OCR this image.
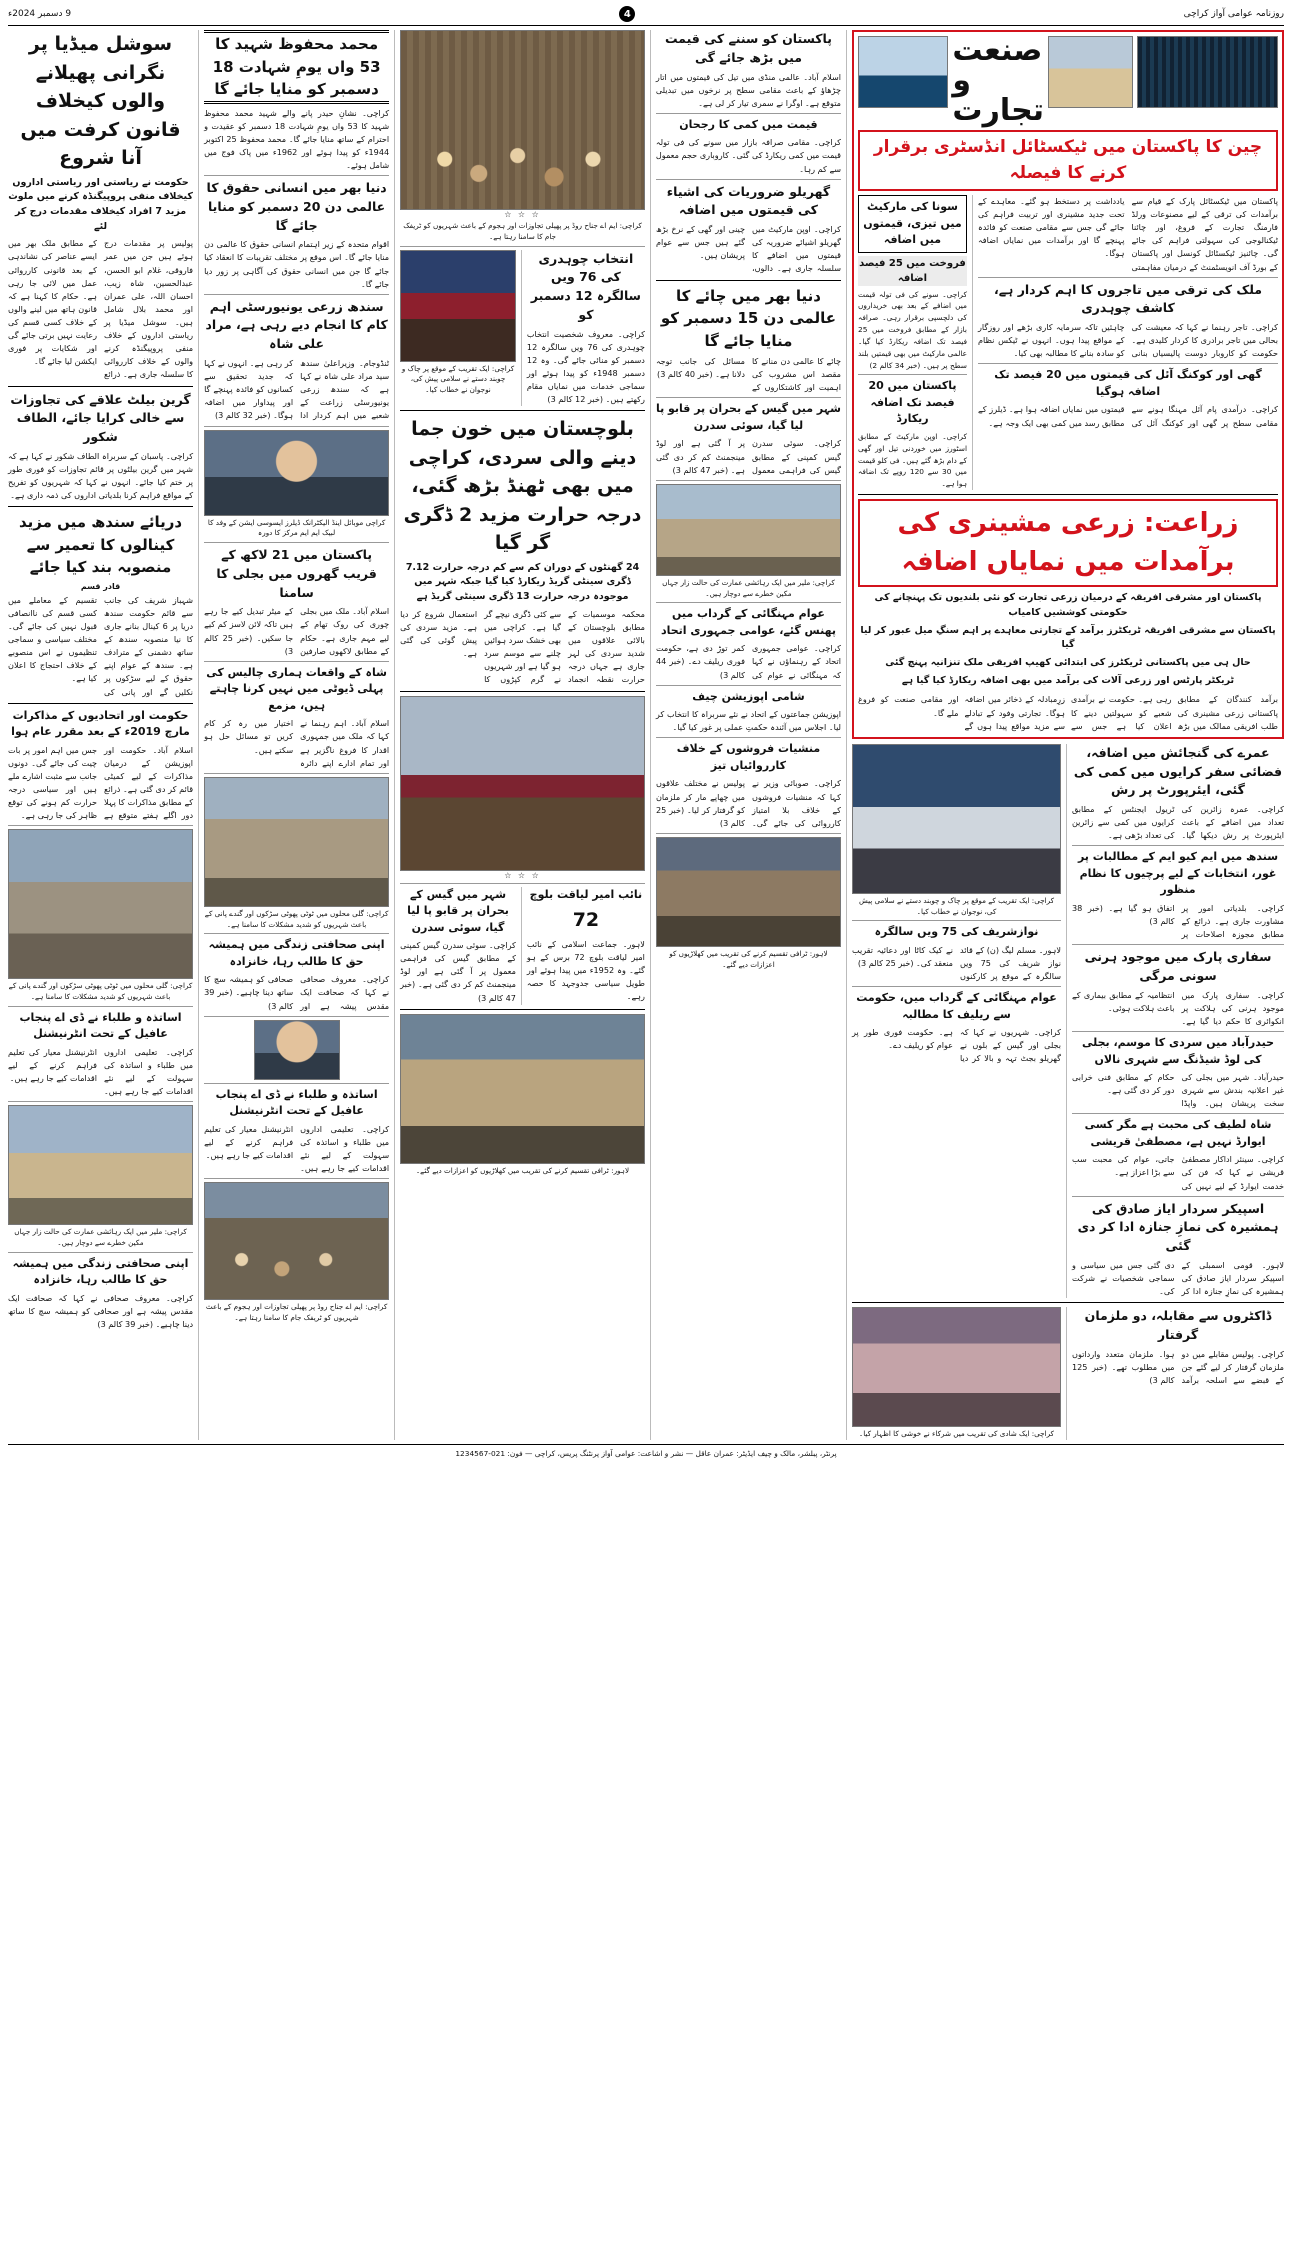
روزنامہ عوامی آواز کراچی
4
9 دسمبر 2024ء
صنعت و تجارت
چین کا پاکستان میں ٹیکسٹائل انڈسٹری برقرار کرنے کا فیصلہ
پاکستان میں ٹیکسٹائل پارک کے قیام سے برآمدات کی ترقی کے لیے مصنوعات ورلڈ فارمنگ تجارت کے فروغ، اور چائنا ٹیکنالوجی کی سہولتی فراہم کی جائے گی۔ چائنیز ٹیکسٹائل کونسل اور پاکستان کے بورڈ آف انویسٹمنٹ کے درمیان مفاہمتی یادداشت پر دستخط ہو گئے۔ معاہدے کے تحت جدید مشینری اور تربیت فراہم کی جائے گی جس سے مقامی صنعت کو فائدہ پہنچے گا اور برآمدات میں نمایاں اضافہ ہوگا۔
ملک کی ترقی میں تاجروں کا اہم کردار ہے، کاشف چوہدری
کراچی۔ تاجر رہنما نے کہا کہ معیشت کی بحالی میں تاجر برادری کا کردار کلیدی ہے۔ حکومت کو کاروبار دوست پالیسیاں بنانی چاہئیں تاکہ سرمایہ کاری بڑھے اور روزگار کے مواقع پیدا ہوں۔ انہوں نے ٹیکس نظام کو سادہ بنانے کا مطالبہ بھی کیا۔
گھی اور کوکنگ آئل کی قیمتوں میں 20 فیصد تک اضافہ ہوگیا
کراچی۔ درآمدی پام آئل مہنگا ہونے سے مقامی سطح پر گھی اور کوکنگ آئل کی قیمتوں میں نمایاں اضافہ ہوا ہے۔ ڈیلرز کے مطابق رسد میں کمی بھی ایک وجہ ہے۔
سونا کی مارکیٹ میں تیزی، قیمتوں میں اضافہ
فروخت میں 25 فیصد اضافہ
کراچی۔ سونے کی فی تولہ قیمت میں اضافے کے بعد بھی خریداروں کی دلچسپی برقرار رہی۔ صرافہ بازار کے مطابق فروخت میں 25 فیصد تک اضافہ ریکارڈ کیا گیا۔ عالمی مارکیٹ میں بھی قیمتیں بلند سطح پر ہیں۔ (خبر 34 کالم 2)
پاکستان میں 20 فیصد تک اضافہ ریکارڈ
کراچی۔ اوپن مارکیٹ کے مطابق اسٹورز میں خوردنی تیل اور گھی کے دام بڑھ گئے ہیں۔ فی کلو قیمت میں 30 سے 120 روپے تک اضافہ ہوا ہے۔
زراعت: زرعی مشینری کی برآمدات میں نمایاں اضافہ
پاکستان اور مشرقی افریقہ کے درمیان زرعی تجارت کو نئی بلندیوں تک پہنچانے کی حکومتی کوششیں کامیاب
پاکستان سے مشرقی افریقہ ٹریکٹرز برآمد کے تجارتی معاہدے پر اہم سنگِ میل عبور کر لیا گیا
حال ہی میں پاکستانی ٹریکٹرز کی ابتدائی کھیپ افریقی ملک تنزانیہ پہنچ گئی
ٹریکٹر پارٹس اور زرعی آلات کی برآمد میں بھی اضافہ ریکارڈ کیا گیا ہے
برآمد کنندگان کے مطابق پاکستانی زرعی مشینری کی طلب افریقی ممالک میں بڑھ رہی ہے۔ حکومت نے برآمدی شعبے کو سہولتیں دینے کا اعلان کیا ہے جس سے زرِمبادلہ کے ذخائر میں اضافہ ہوگا۔ تجارتی وفود کے تبادلے سے مزید مواقع پیدا ہوں گے اور مقامی صنعت کو فروغ ملے گا۔
عمرے کی گنجائش میں اضافہ، فضائی سفر کرایوں میں کمی کی گئی، ایئرپورٹ پر رش
کراچی۔ عمرہ زائرین کی تعداد میں اضافے کے باعث ایئرپورٹ پر رش دیکھا گیا۔ ٹریول ایجنٹس کے مطابق کرایوں میں کمی سے زائرین کی تعداد بڑھی ہے۔
سندھ میں ایم کیو ایم کے مطالبات پر غور، انتخابات کے لیے پرچیوں کا نظام منظور
کراچی۔ بلدیاتی امور پر مشاورت جاری ہے۔ ذرائع کے مطابق مجوزہ اصلاحات پر اتفاق ہو گیا ہے۔ (خبر 38 کالم 3)
سفاری پارک میں موجود ہرنی سونی مرگی
کراچی۔ سفاری پارک میں موجود ہرنی کی ہلاکت پر انکوائری کا حکم دیا گیا ہے۔ انتظامیہ کے مطابق بیماری کے باعث ہلاکت ہوئی۔
حیدرآباد میں سردی کا موسم، بجلی کی لوڈ شیڈنگ سے شہری نالاں
حیدرآباد۔ شہر میں بجلی کی غیر اعلانیہ بندش سے شہری سخت پریشان ہیں۔ واپڈا حکام کے مطابق فنی خرابی دور کر دی گئی ہے۔
شاہ لطیف کی محبت ہے مگر کسی ایوارڈ نہیں ہے، مصطفیٰ قریشی
کراچی۔ سینئر اداکار مصطفیٰ قریشی نے کہا کہ فن کی خدمت ایوارڈ کے لیے نہیں کی جاتی، عوام کی محبت سب سے بڑا اعزاز ہے۔
اسپیکر سردار ایاز صادق کی ہمشیرہ کی نمازِ جنازہ ادا کر دی گئی
لاہور۔ قومی اسمبلی کے اسپیکر سردار ایاز صادق کی ہمشیرہ کی نمازِ جنازہ ادا کر دی گئی جس میں سیاسی و سماجی شخصیات نے شرکت کی۔
کراچی: ایک تقریب کے موقع پر چاک و چوبند دستے نے سلامی پیش کی، نوجوان نے خطاب کیا۔
نوازشریف کی 75 ویں سالگرہ
لاہور۔ مسلم لیگ (ن) کے قائد نواز شریف کی 75 ویں سالگرہ کے موقع پر کارکنوں نے کیک کاٹا اور دعائیہ تقریب منعقد کی۔ (خبر 25 کالم 3)
عوام مہنگائی کے گرداب میں، حکومت سے ریلیف کا مطالبہ
کراچی۔ شہریوں نے کہا کہ بجلی اور گیس کے بلوں نے گھریلو بجٹ تہہ و بالا کر دیا ہے۔ حکومت فوری طور پر عوام کو ریلیف دے۔
ڈاکٹروں سے مقابلہ، دو ملزمان گرفتار
کراچی۔ پولیس مقابلے میں دو ملزمان گرفتار کر لیے گئے جن کے قبضے سے اسلحہ برآمد ہوا۔ ملزمان متعدد وارداتوں میں مطلوب تھے۔ (خبر 125 کالم 3)
کراچی: ایک شادی کی تقریب میں شرکاء نے خوشی کا اظہار کیا۔
پاکستان کو سننے کی قیمت میں بڑھ جائے گی
اسلام آباد۔ عالمی منڈی میں تیل کی قیمتوں میں اتار چڑھاؤ کے باعث مقامی سطح پر نرخوں میں تبدیلی متوقع ہے۔ اوگرا نے سمری تیار کر لی ہے۔
قیمت میں کمی کا رجحان
کراچی۔ مقامی صرافہ بازار میں سونے کی فی تولہ قیمت میں کمی ریکارڈ کی گئی۔ کاروباری حجم معمول سے کم رہا۔
گھریلو ضروریات کی اشیاء کی قیمتوں میں اضافہ
کراچی۔ اوپن مارکیٹ میں گھریلو اشیائے ضروریہ کی قیمتوں میں اضافے کا سلسلہ جاری ہے۔ دالوں، چینی اور گھی کے نرخ بڑھ گئے ہیں جس سے عوام پریشان ہیں۔
دنیا بھر میں چائے کا عالمی دن 15 دسمبر کو منایا جائے گا
چائے کا عالمی دن منانے کا مقصد اس مشروب کی اہمیت اور کاشتکاروں کے مسائل کی جانب توجہ دلانا ہے۔ (خبر 40 کالم 3)
شہر میں گیس کے بحران پر قابو پا لیا گیا، سوئی سدرن
کراچی۔ سوئی سدرن گیس کمپنی کے مطابق گیس کی فراہمی معمول پر آ گئی ہے اور لوڈ مینجمنٹ کم کر دی گئی ہے۔ (خبر 47 کالم 3)
کراچی: ملیر میں ایک رہائشی عمارت کی حالت زار جہاں مکین خطرے سے دوچار ہیں۔
عوام مہنگائی کے گرداب میں پھنس گئے، عوامی جمہوری اتحاد
کراچی۔ عوامی جمہوری اتحاد کے رہنماؤں نے کہا کہ مہنگائی نے عوام کی کمر توڑ دی ہے، حکومت فوری ریلیف دے۔ (خبر 44 کالم 3)
شامی اپوزیشن چیف
اپوزیشن جماعتوں کے اتحاد نے نئے سربراہ کا انتخاب کر لیا۔ اجلاس میں آئندہ حکمتِ عملی پر غور کیا گیا۔
منشیات فروشوں کے خلاف کارروائیاں تیز
کراچی۔ صوبائی وزیر نے کہا کہ منشیات فروشوں کے خلاف بلا امتیاز کارروائی کی جائے گی۔ پولیس نے مختلف علاقوں میں چھاپے مار کر ملزمان کو گرفتار کر لیا۔ (خبر 25 کالم 3)
لاہور: ٹرافی تقسیم کرنے کی تقریب میں کھلاڑیوں کو اعزازات دیے گئے۔
☆ ☆ ☆
کراچی: ایم اے جناح روڈ پر پھیلی تجاوزات اور ہجوم کے باعث شہریوں کو ٹریفک جام کا سامنا رہتا ہے۔
انتخاب چوہدری کی 76 ویں سالگرہ 12 دسمبر کو
کراچی۔ معروف شخصیت انتخاب چوہدری کی 76 ویں سالگرہ 12 دسمبر کو منائی جائے گی۔ وہ 12 دسمبر 1948ء کو پیدا ہوئے اور سماجی خدمات میں نمایاں مقام رکھتے ہیں۔ (خبر 12 کالم 3)
کراچی: ایک تقریب کے موقع پر چاک و چوبند دستے نے سلامی پیش کی، نوجوان نے خطاب کیا۔
بلوچستان میں خون جما دینے والی سردی، کراچی میں بھی ٹھنڈ بڑھ گئی، درجہ حرارت مزید 2 ڈگری گر گیا
24 گھنٹوں کے دوران کم سے کم درجہ حرارت 7.12 ڈگری سینٹی گریڈ ریکارڈ کیا گیا جبکہ شہر میں موجودہ درجہ حرارت 13 ڈگری سینٹی گریڈ ہے
محکمہ موسمیات کے مطابق بلوچستان کے بالائی علاقوں میں شدید سردی کی لہر جاری ہے جہاں درجہ حرارت نقطہ انجماد سے کئی ڈگری نیچے گر گیا ہے۔ کراچی میں بھی خشک سرد ہوائیں چلنے سے موسم سرد ہو گیا ہے اور شہریوں نے گرم کپڑوں کا استعمال شروع کر دیا ہے۔ مزید سردی کی پیش گوئی کی گئی ہے۔
☆ ☆ ☆
نائب امیر لیاقت بلوچ
72
لاہور۔ جماعت اسلامی کے نائب امیر لیاقت بلوچ 72 برس کے ہو گئے۔ وہ 1952ء میں پیدا ہوئے اور طویل سیاسی جدوجہد کا حصہ رہے۔
شہر میں گیس کے بحران پر قابو پا لیا گیا، سوئی سدرن
کراچی۔ سوئی سدرن گیس کمپنی کے مطابق گیس کی فراہمی معمول پر آ گئی ہے اور لوڈ مینجمنٹ کم کر دی گئی ہے۔ (خبر 47 کالم 3)
لاہور: ٹرافی تقسیم کرنے کی تقریب میں کھلاڑیوں کو اعزازات دیے گئے۔
محمد محفوظ شہید کا 53 واں یومِ شہادت 18 دسمبر کو منایا جائے گا
کراچی۔ نشانِ حیدر پانے والے شہید محمد محفوظ شہید کا 53 واں یومِ شہادت 18 دسمبر کو عقیدت و احترام کے ساتھ منایا جائے گا۔ محمد محفوظ 25 اکتوبر 1944ء کو پیدا ہوئے اور 1962ء میں پاک فوج میں شامل ہوئے۔
دنیا بھر میں انسانی حقوق کا عالمی دن 20 دسمبر کو منایا جائے گا
اقوام متحدہ کے زیر اہتمام انسانی حقوق کا عالمی دن منایا جائے گا۔ اس موقع پر مختلف تقریبات کا انعقاد کیا جائے گا جن میں انسانی حقوق کی آگاہی پر زور دیا جائے گا۔
سندھ زرعی یونیورسٹی اہم کام کا انجام دیے رہی ہے، مراد علی شاہ
ٹنڈوجام۔ وزیراعلیٰ سندھ سید مراد علی شاہ نے کہا ہے کہ سندھ زرعی یونیورسٹی زراعت کے شعبے میں اہم کردار ادا کر رہی ہے۔ انہوں نے کہا کہ جدید تحقیق سے کسانوں کو فائدہ پہنچے گا اور پیداوار میں اضافہ ہوگا۔ (خبر 32 کالم 3)
کراچی موبائل اینڈ الیکٹرانک ڈیلرز ایسوسی ایشن کے وفد کا لبیک ایم ایم مرکز کا دورہ
پاکستان میں 21 لاکھ کے قریب گھروں میں بجلی کا سامنا
اسلام آباد۔ ملک میں بجلی چوری کی روک تھام کے لیے مہم جاری ہے۔ حکام کے مطابق لاکھوں صارفین کے میٹر تبدیل کیے جا رہے ہیں تاکہ لائن لاسز کم کیے جا سکیں۔ (خبر 25 کالم 3)
شاہ کے واقعات ہماری چالیس کی پہلی ڈیوٹی میں نہیں کرنا چاہتے ہیں، مزمع
اسلام آباد۔ اہم رہنما نے کہا کہ ملک میں جمہوری اقدار کا فروغ ناگزیر ہے اور تمام ادارے اپنے دائرہ اختیار میں رہ کر کام کریں تو مسائل حل ہو سکتے ہیں۔
کراچی: گلی محلوں میں ٹوٹی پھوٹی سڑکوں اور گندے پانی کے باعث شہریوں کو شدید مشکلات کا سامنا ہے۔
اپنی صحافتی زندگی میں ہمیشہ حق کا طالب رہا، خانزادہ
کراچی۔ معروف صحافی نے کہا کہ صحافت ایک مقدس پیشہ ہے اور صحافی کو ہمیشہ سچ کا ساتھ دینا چاہیے۔ (خبر 39 کالم 3)
اساتذہ و طلباء نے ڈی اے پنجاب عافیل کے تحت انٹرنیشنل
کراچی۔ تعلیمی اداروں میں طلباء و اساتذہ کی سہولت کے لیے نئے اقدامات کیے جا رہے ہیں۔ انٹرنیشنل معیار کی تعلیم فراہم کرنے کے لیے اقدامات کیے جا رہے ہیں۔
کراچی: ایم اے جناح روڈ پر پھیلی تجاوزات اور ہجوم کے باعث شہریوں کو ٹریفک جام کا سامنا رہتا ہے۔
سوشل میڈیا پر نگرانی پھیلانے والوں کیخلاف قانون کرفت میں آنا شروع
حکومت نے ریاستی اور ریاستی اداروں کیخلاف منفی پروپیگنڈہ کرنے میں ملوث مزید 7 افراد کیخلاف مقدمات درج کر لئے
پولیس پر مقدمات درج ہوئے ہیں جن میں عمر فاروقی، غلام ابو الحسن، عبدالحسین، شاہ زیب، احسان اللہ، علی عمران اور محمد بلال شامل ہیں۔ سوشل میڈیا پر ریاستی اداروں کے خلاف منفی پروپیگنڈہ کرنے والوں کے خلاف کارروائی کا سلسلہ جاری ہے۔ ذرائع کے مطابق ملک بھر میں ایسے عناصر کی نشاندہی کے بعد قانونی کارروائی عمل میں لائی جا رہی ہے۔ حکام کا کہنا ہے کہ قانون ہاتھ میں لینے والوں کے خلاف کسی قسم کی رعایت نہیں برتی جائے گی اور شکایات پر فوری ایکشن لیا جائے گا۔
گرین بیلٹ علاقے کی تجاوزات سے خالی کرایا جائے، الطاف شکور
کراچی۔ پاسبان کے سربراہ الطاف شکور نے کہا ہے کہ شہر میں گرین بیلٹوں پر قائم تجاوزات کو فوری طور پر ختم کیا جائے۔ انہوں نے کہا کہ شہریوں کو تفریح کے مواقع فراہم کرنا بلدیاتی اداروں کی ذمہ داری ہے۔
دریائے سندھ میں مزید کینالوں کا تعمیر سے منصوبہ بند کیا جائے
قادر قسم
شہباز شریف کی جانب سے قائم حکومت سندھ دریا پر 6 کینال بنانے جاری کا نیا منصوبہ سندھ کے ساتھ دشمنی کے مترادف ہے۔ سندھ کے عوام اپنے حقوق کے لیے سڑکوں پر نکلیں گے اور پانی کی تقسیم کے معاملے میں کسی قسم کی ناانصافی قبول نہیں کی جائے گی۔ مختلف سیاسی و سماجی تنظیموں نے اس منصوبے کے خلاف احتجاج کا اعلان کیا ہے۔
حکومت اور اتحادیوں کے مذاکرات مارچ 2019ء کے بعد مقرر عام ہوا
اسلام آباد۔ حکومت اور اپوزیشن کے درمیان مذاکرات کے لیے کمیٹی قائم کر دی گئی ہے۔ ذرائع کے مطابق مذاکرات کا پہلا دور اگلے ہفتے متوقع ہے جس میں اہم امور پر بات چیت کی جائے گی۔ دونوں جانب سے مثبت اشارے ملے ہیں اور سیاسی درجہ حرارت کم ہونے کی توقع ظاہر کی جا رہی ہے۔
کراچی: گلی محلوں میں ٹوٹی پھوٹی سڑکوں اور گندے پانی کے باعث شہریوں کو شدید مشکلات کا سامنا ہے۔
اساتذہ و طلباء نے ڈی اے پنجاب عافیل کے تحت انٹرنیشنل
کراچی۔ تعلیمی اداروں میں طلباء و اساتذہ کی سہولت کے لیے نئے اقدامات کیے جا رہے ہیں۔ انٹرنیشنل معیار کی تعلیم فراہم کرنے کے لیے اقدامات کیے جا رہے ہیں۔
کراچی: ملیر میں ایک رہائشی عمارت کی حالت زار جہاں مکین خطرے سے دوچار ہیں۔
اپنی صحافتی زندگی میں ہمیشہ حق کا طالب رہا، خانزادہ
کراچی۔ معروف صحافی نے کہا کہ صحافت ایک مقدس پیشہ ہے اور صحافی کو ہمیشہ سچ کا ساتھ دینا چاہیے۔ (خبر 39 کالم 3)
پرنٹر، پبلشر، مالک و چیف ایڈیٹر: عمران عاقل — نشر و اشاعت: عوامی آواز پرنٹنگ پریس، کراچی — فون: 021-1234567
